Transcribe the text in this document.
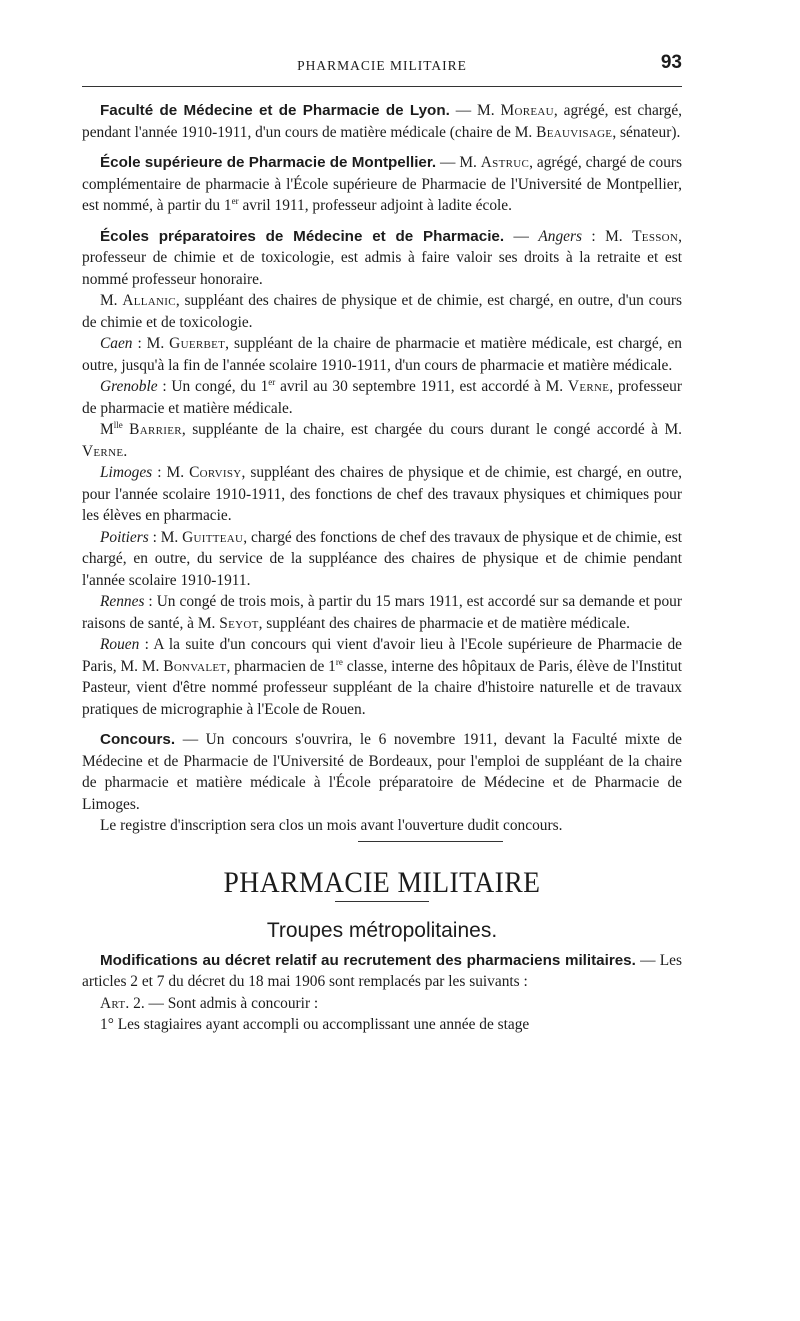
PHARMACIE MILITAIRE	93

Faculté de Médecine et de Pharmacie de Lyon. — M. Moreau, agrégé, est chargé, pendant l'année 1910-1911, d'un cours de matière médicale (chaire de M. Beauvisage, sénateur).

École supérieure de Pharmacie de Montpellier. — M. Astruc, agrégé, chargé de cours complémentaire de pharmacie à l'École supérieure de Pharmacie de l'Université de Montpellier, est nommé, à partir du 1er avril 1911, professeur adjoint à ladite école.

Écoles préparatoires de Médecine et de Pharmacie. — Angers : M. Tesson, professeur de chimie et de toxicologie, est admis à faire valoir ses droits à la retraite et est nommé professeur honoraire.

M. Allanic, suppléant des chaires de physique et de chimie, est chargé, en outre, d'un cours de chimie et de toxicologie.

Caen : M. Guerbet, suppléant de la chaire de pharmacie et matière médicale, est chargé, en outre, jusqu'à la fin de l'année scolaire 1910-1911, d'un cours de pharmacie et matière médicale.

Grenoble : Un congé, du 1er avril au 30 septembre 1911, est accordé à M. Verne, professeur de pharmacie et matière médicale.

$M^{lle}$ Barrier, suppléante de la chaire, est chargée du cours durant le congé accordé à M. Verne.

Limoges : M. Corvisy, suppléant des chaires de physique et de chimie, est chargé, en outre, pour l'année scolaire 1910-1911, des fonctions de chef des travaux physiques et chimiques pour les élèves en pharmacie.

Poitiers : M. Guitteau, chargé des fonctions de chef des travaux de physique et de chimie, est chargé, en outre, du service de la suppléance des chaires de physique et de chimie pendant l'année scolaire 1910-1911.

Rennes : Un congé de trois mois, à partir du 15 mars 1911, est accordé sur sa demande et pour raisons de santé, à M. Seyot, suppléant des chaires de pharmacie et de matière médicale.

Rouen : A la suite d'un concours qui vient d'avoir lieu à l'Ecole supérieure de Pharmacie de Paris, M. M. Bonvalet, pharmacien de 1re classe, interne des hôpitaux de Paris, élève de l'Institut Pasteur, vient d'être nommé professeur suppléant de la chaire d'histoire naturelle et de travaux pratiques de micrographie à l'Ecole de Rouen.

Concours. — Un concours s'ouvrira, le 6 novembre 1911, devant la Faculté mixte de Médecine et de Pharmacie de l'Université de Bordeaux, pour l'emploi de suppléant de la chaire de pharmacie et matière médicale à l'École préparatoire de Médecine et de Pharmacie de Limoges.

Le registre d'inscription sera clos un mois avant l'ouverture dudit concours.

PHARMACIE MILITAIRE
Troupes métropolitaines.

Modifications au décret relatif au recrutement des pharmaciens militaires. — Les articles 2 et 7 du décret du 18 mai 1906 sont remplacés par les suivants :

Art. 2. — Sont admis à concourir :

1° Les stagiaires ayant accompli ou accomplissant une année de stage
